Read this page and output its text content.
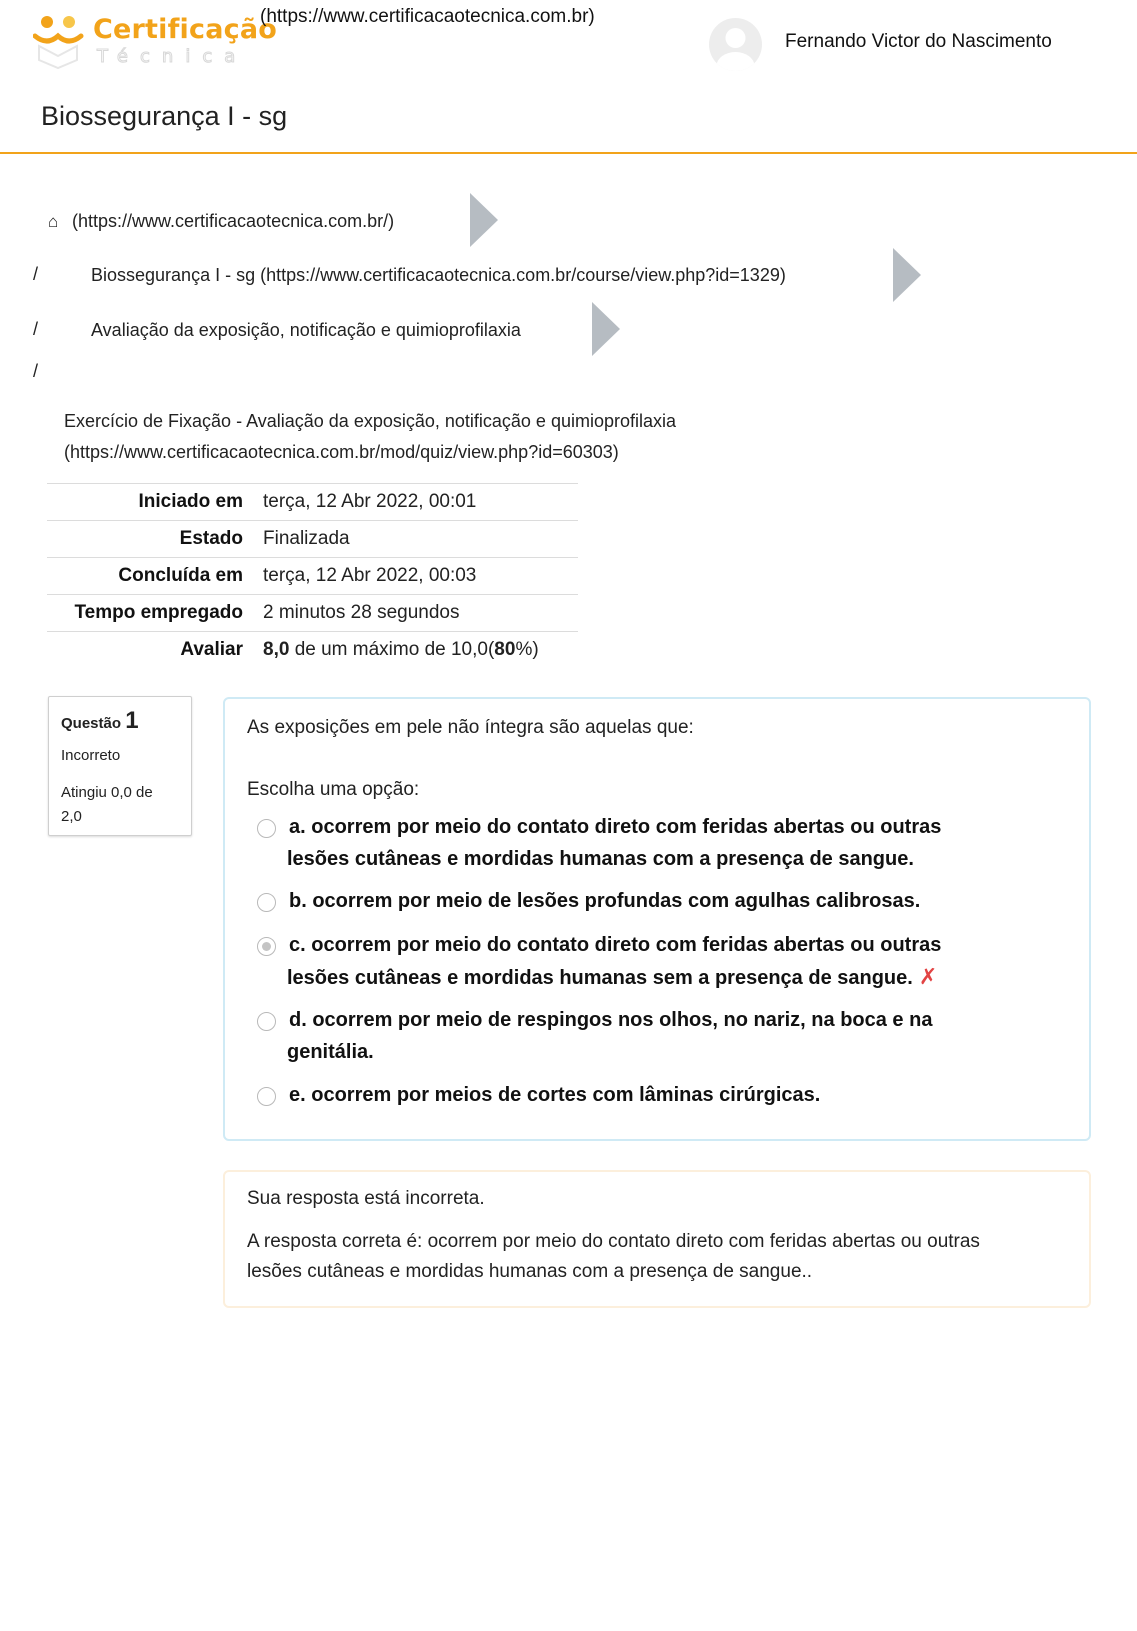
Certificação
Técnica
(https://www.certificacaotecnica.com.br)
Fernando Victor do Nascimento
Biossegurança I - sg
⌂ (https://www.certificacaotecnica.com.br/)
/	Biossegurança I - sg (https://www.certificacaotecnica.com.br/course/view.php?id=1329)
/	Avaliação da exposição, notificação e quimioprofilaxia
/
Exercício de Fixação - Avaliação da exposição, notificação e quimioprofilaxia
(https://www.certificacaotecnica.com.br/mod/quiz/view.php?id=60303)
Iniciado em	terça, 12 Abr 2022, 00:01
Estado	Finalizada
Concluída em	terça, 12 Abr 2022, 00:03
Tempo empregado	2 minutos 28 segundos
Avaliar	8,0 de um máximo de 10,0(80%)
Questão 1
Incorreto
Atingiu 0,0 de 2,0
As exposições em pele não íntegra são aquelas que:
Escolha uma opção:
a. ocorrem por meio do contato direto com feridas abertas ou outras lesões cutâneas e mordidas humanas com a presença de sangue.
b. ocorrem por meio de lesões profundas com agulhas calibrosas.
c. ocorrem por meio do contato direto com feridas abertas ou outras lesões cutâneas e mordidas humanas sem a presença de sangue. ✗
d. ocorrem por meio de respingos nos olhos, no nariz, na boca e na genitália.
e. ocorrem por meios de cortes com lâminas cirúrgicas.
Sua resposta está incorreta.
A resposta correta é: ocorrem por meio do contato direto com feridas abertas ou outras lesões cutâneas e mordidas humanas com a presença de sangue..
